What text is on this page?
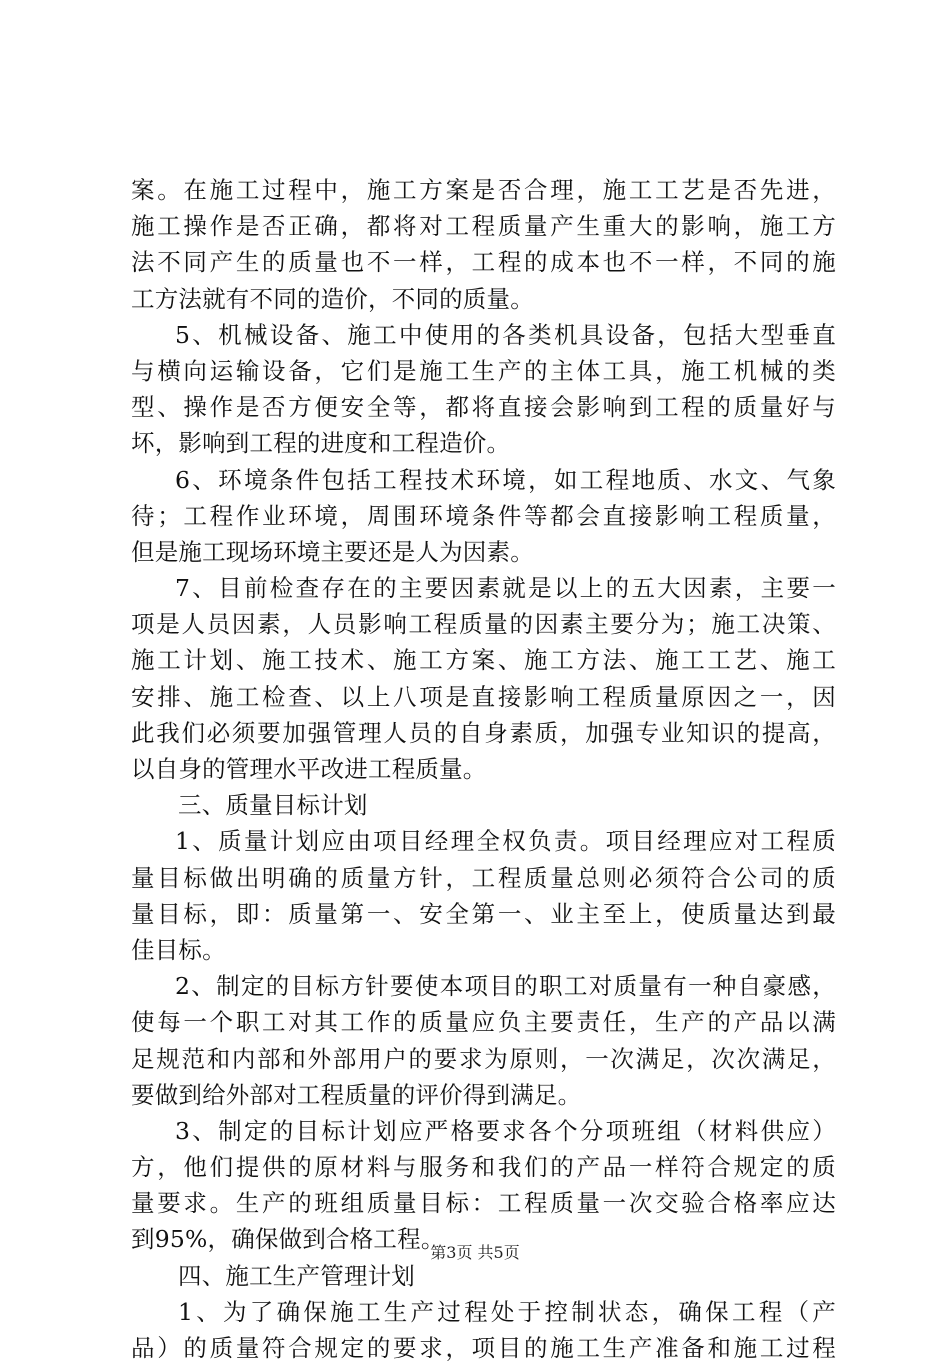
案。在施工过程中，施工方案是否合理，施工工艺是否先进，
施工操作是否正确，都将对工程质量产生重大的影响，施工方
法不同产生的质量也不一样，工程的成本也不一样，不同的施
工方法就有不同的造价，不同的质量。
5、机械设备、施工中使用的各类机具设备，包括大型垂直
与横向运输设备，它们是施工生产的主体工具，施工机械的类
型、操作是否方便安全等，都将直接会影响到工程的质量好与
坏，影响到工程的进度和工程造价。
6、环境条件包括工程技术环境，如工程地质、水文、气象
待；工程作业环境，周围环境条件等都会直接影响工程质量，
但是施工现场环境主要还是人为因素。
7、目前检查存在的主要因素就是以上的五大因素，主要一
项是人员因素，人员影响工程质量的因素主要分为；施工决策、
施工计划、施工技术、施工方案、施工方法、施工工艺、施工
安排、施工检查、以上八项是直接影响工程质量原因之一，因
此我们必须要加强管理人员的自身素质，加强专业知识的提高，
以自身的管理水平改进工程质量。
三、质量目标计划
1、质量计划应由项目经理全权负责。项目经理应对工程质
量目标做出明确的质量方针，工程质量总则必须符合公司的质
量目标，即：质量第一、安全第一、业主至上，使质量达到最
佳目标。
2、制定的目标方针要使本项目的职工对质量有一种自豪感，
使每一个职工对其工作的质量应负主要责任，生产的产品以满
足规范和内部和外部用户的要求为原则，一次满足，次次满足，
要做到给外部对工程质量的评价得到满足。
3、制定的目标计划应严格要求各个分项班组（材料供应）
方，他们提供的原材料与服务和我们的产品一样符合规定的质
量要求。生产的班组质量目标：工程质量一次交验合格率应达
到95%，确保做到合格工程。
四、施工生产管理计划
1、为了确保施工生产过程处于控制状态，确保工程（产
品）的质量符合规定的要求，项目的施工生产准备和施工过程
第3页 共5页
